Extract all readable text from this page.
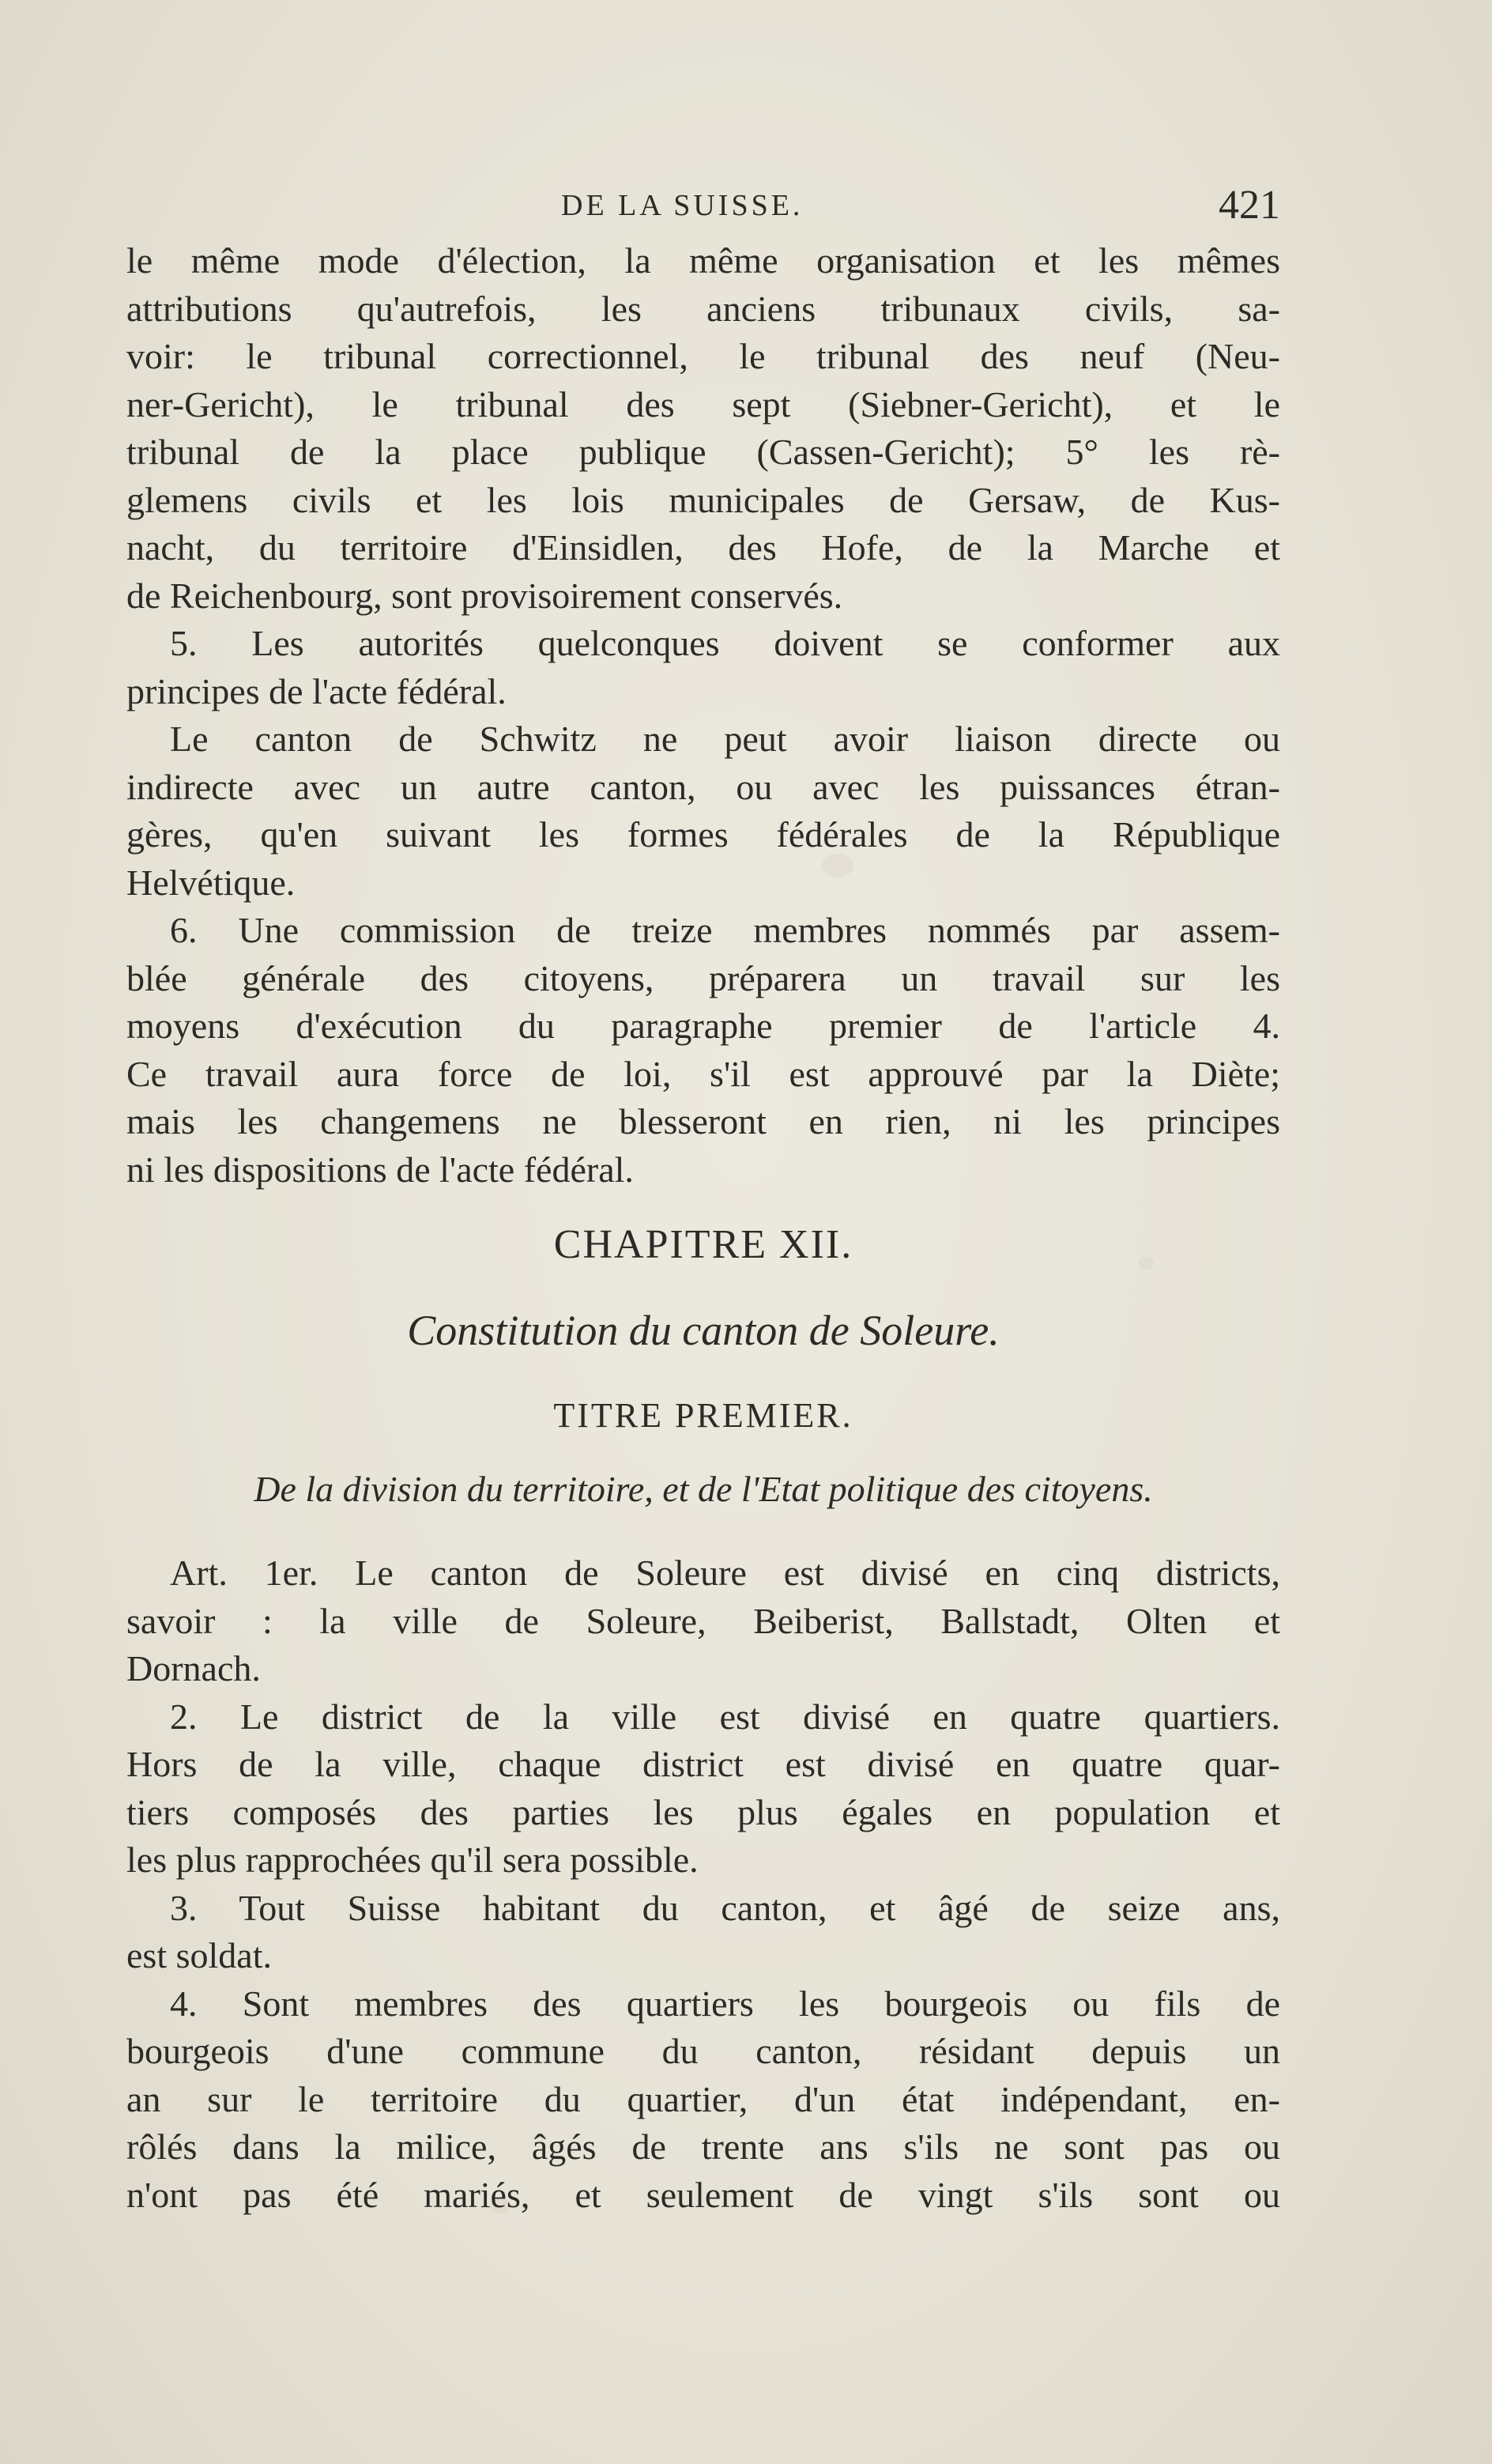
DE LA SUISSE.	421
le même mode d'élection, la même organisation et les mêmes
attributions qu'autrefois, les anciens tribunaux civils, sa-
voir: le tribunal correctionnel, le tribunal des neuf (Neu-
ner-Gericht), le tribunal des sept (Siebner-Gericht), et le
tribunal de la place publique (Cassen-Gericht); 5° les rè-
glemens civils et les lois municipales de Gersaw, de Kus-
nacht, du territoire d'Einsidlen, des Hofe, de la Marche et
de Reichenbourg, sont provisoirement conservés.
5. Les autorités quelconques doivent se conformer aux
principes de l'acte fédéral.
Le canton de Schwitz ne peut avoir liaison directe ou
indirecte avec un autre canton, ou avec les puissances étran-
gères, qu'en suivant les formes fédérales de la République
Helvétique.
6. Une commission de treize membres nommés par assem-
blée générale des citoyens, préparera un travail sur les
moyens d'exécution du paragraphe premier de l'article 4.
Ce travail aura force de loi, s'il est approuvé par la Diète;
mais les changemens ne blesseront en rien, ni les principes
ni les dispositions de l'acte fédéral.
CHAPITRE XII.
Constitution du canton de Soleure.
TITRE PREMIER.
De la division du territoire, et de l'Etat politique des citoyens.
Art. 1er. Le canton de Soleure est divisé en cinq districts,
savoir : la ville de Soleure, Beiberist, Ballstadt, Olten et
Dornach.
2. Le district de la ville est divisé en quatre quartiers.
Hors de la ville, chaque district est divisé en quatre quar-
tiers composés des parties les plus égales en population et
les plus rapprochées qu'il sera possible.
3. Tout Suisse habitant du canton, et âgé de seize ans,
est soldat.
4. Sont membres des quartiers les bourgeois ou fils de
bourgeois d'une commune du canton, résidant depuis un
an sur le territoire du quartier, d'un état indépendant, en-
rôlés dans la milice, âgés de trente ans s'ils ne sont pas ou
n'ont pas été mariés, et seulement de vingt s'ils sont ou
